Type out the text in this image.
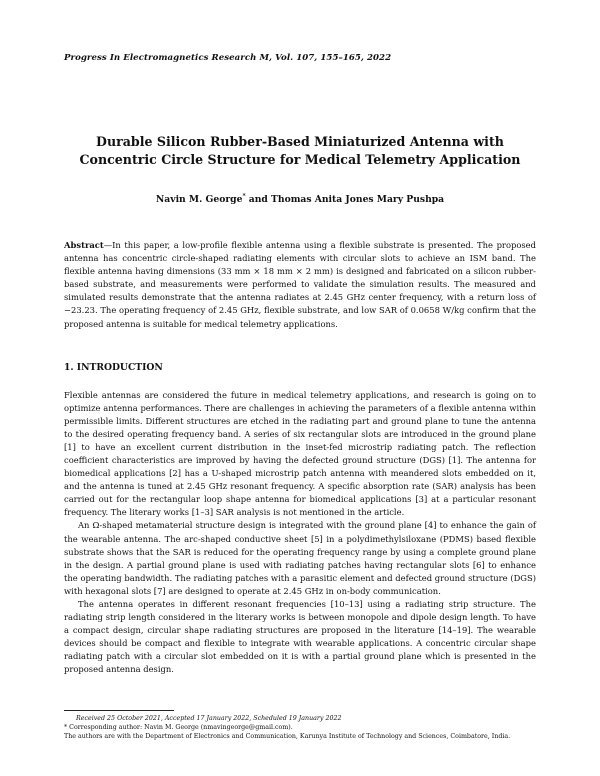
Progress In Electromagnetics Research M, Vol. 107, 155–165, 2022
Durable Silicon Rubber-Based Miniaturized Antenna with
Concentric Circle Structure for Medical Telemetry Application
Navin M. George* and Thomas Anita Jones Mary Pushpa
Abstract—In this paper, a low-profile flexible antenna using a flexible substrate is presented. The proposed antenna has concentric circle-shaped radiating elements with circular slots to achieve an ISM band. The flexible antenna having dimensions (33 mm × 18 mm × 2 mm) is designed and fabricated on a silicon rubber-based substrate, and measurements were performed to validate the simulation results. The measured and simulated results demonstrate that the antenna radiates at 2.45 GHz center frequency, with a return loss of −23.23. The operating frequency of 2.45 GHz, flexible substrate, and low SAR of 0.0658 W/kg confirm that the proposed antenna is suitable for medical telemetry applications.
1. INTRODUCTION

Flexible antennas are considered the future in medical telemetry applications, and research is going on to optimize antenna performances. There are challenges in achieving the parameters of a flexible antenna within permissible limits. Different structures are etched in the radiating part and ground plane to tune the antenna to the desired operating frequency band. A series of six rectangular slots are introduced in the ground plane [1] to have an excellent current distribution in the inset-fed microstrip radiating patch. The reflection coefficient characteristics are improved by having the defected ground structure (DGS) [1]. The antenna for biomedical applications [2] has a U-shaped microstrip patch antenna with meandered slots embedded on it, and the antenna is tuned at 2.45 GHz resonant frequency. A specific absorption rate (SAR) analysis has been carried out for the rectangular loop shape antenna for biomedical applications [3] at a particular resonant frequency. The literary works [1–3] SAR analysis is not mentioned in the article.

An Ω-shaped metamaterial structure design is integrated with the ground plane [4] to enhance the gain of the wearable antenna. The arc-shaped conductive sheet [5] in a polydimethylsiloxane (PDMS) based flexible substrate shows that the SAR is reduced for the operating frequency range by using a complete ground plane in the design. A partial ground plane is used with radiating patches having rectangular slots [6] to enhance the operating bandwidth. The radiating patches with a parasitic element and defected ground structure (DGS) with hexagonal slots [7] are designed to operate at 2.45 GHz in on-body communication.

The antenna operates in different resonant frequencies [10–13] using a radiating strip structure. The radiating strip length considered in the literary works is between monopole and dipole design length. To have a compact design, circular shape radiating structures are proposed in the literature [14–19]. The wearable devices should be compact and flexible to integrate with wearable applications. A concentric circular shape radiating patch with a circular slot embedded on it is with a partial ground plane which is presented in the proposed antenna design.

Received 25 October 2021, Accepted 17 January 2022, Scheduled 19 January 2022
* Corresponding author: Navin M. George (nmavingeorge@gmail.com).
The authors are with the Department of Electronics and Communication, Karunya Institute of Technology and Sciences, Coimbatore, India.
